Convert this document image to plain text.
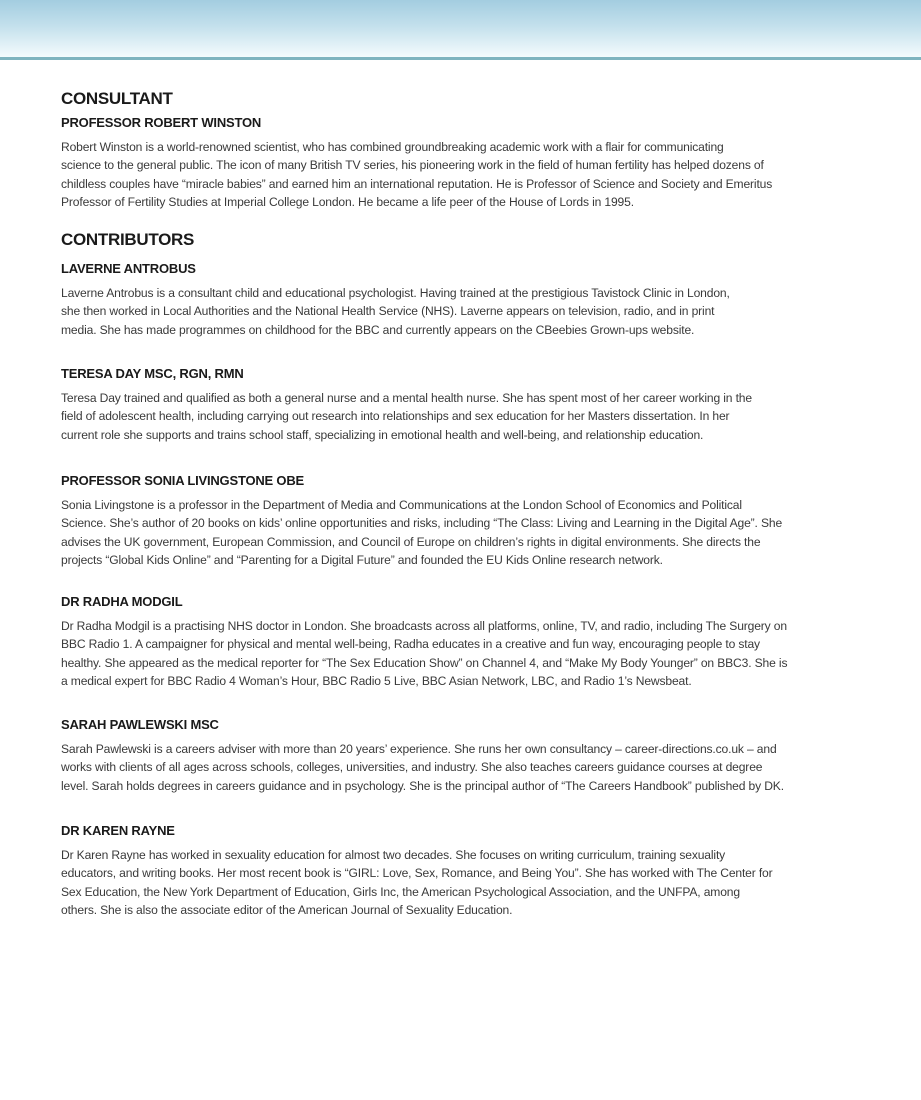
CONSULTANT
CONTRIBUTORS
PROFESSOR ROBERT WINSTON
Robert Winston is a world-renowned scientist, who has combined groundbreaking academic work with a flair for communicating
science to the general public. The icon of many British TV series, his pioneering work in the field of human fertility has helped dozens of
childless couples have “miracle babies” and earned him an international reputation. He is Professor of Science and Society and Emeritus
Professor of Fertility Studies at Imperial College London. He became a life peer of the House of Lords in 1995.
LAVERNE ANTROBUS
Laverne Antrobus is a consultant child and educational psychologist. Having trained at the prestigious Tavistock Clinic in London,
she then worked in Local Authorities and the National Health Service (NHS). Laverne appears on television, radio, and in print
media. She has made programmes on childhood for the BBC and currently appears on the CBeebies Grown-ups website.
TERESA DAY MSC, RGN, RMN
Teresa Day trained and qualified as both a general nurse and a mental health nurse. She has spent most of her career working in the
field of adolescent health, including carrying out research into relationships and sex education for her Masters dissertation. In her
current role she supports and trains school staff, specializing in emotional health and well-being, and relationship education.
PROFESSOR SONIA LIVINGSTONE OBE
Sonia Livingstone is a professor in the Department of Media and Communications at the London School of Economics and Political
Science. She’s author of 20 books on kids’ online opportunities and risks, including “The Class: Living and Learning in the Digital Age”. She
advises the UK government, European Commission, and Council of Europe on children’s rights in digital environments. She directs the
projects “Global Kids Online” and “Parenting for a Digital Future” and founded the EU Kids Online research network.
DR RADHA MODGIL
Dr Radha Modgil is a practising NHS doctor in London. She broadcasts across all platforms, online, TV, and radio, including The Surgery on
BBC Radio 1. A campaigner for physical and mental well-being, Radha educates in a creative and fun way, encouraging people to stay
healthy. She appeared as the medical reporter for “The Sex Education Show” on Channel 4, and “Make My Body Younger” on BBC3. She is
a medical expert for BBC Radio 4 Woman’s Hour, BBC Radio 5 Live, BBC Asian Network, LBC, and Radio 1’s Newsbeat.
SARAH PAWLEWSKI MSC
Sarah Pawlewski is a careers adviser with more than 20 years’ experience. She runs her own consultancy – career-directions.co.uk – and
works with clients of all ages across schools, colleges, universities, and industry. She also teaches careers guidance courses at degree
level. Sarah holds degrees in careers guidance and in psychology. She is the principal author of “The Careers Handbook” published by DK.
DR KAREN RAYNE
Dr Karen Rayne has worked in sexuality education for almost two decades. She focuses on writing curriculum, training sexuality
educators, and writing books. Her most recent book is “GIRL: Love, Sex, Romance, and Being You”. She has worked with The Center for
Sex Education, the New York Department of Education, Girls Inc, the American Psychological Association, and the UNFPA, among
others. She is also the associate editor of the American Journal of Sexuality Education.
